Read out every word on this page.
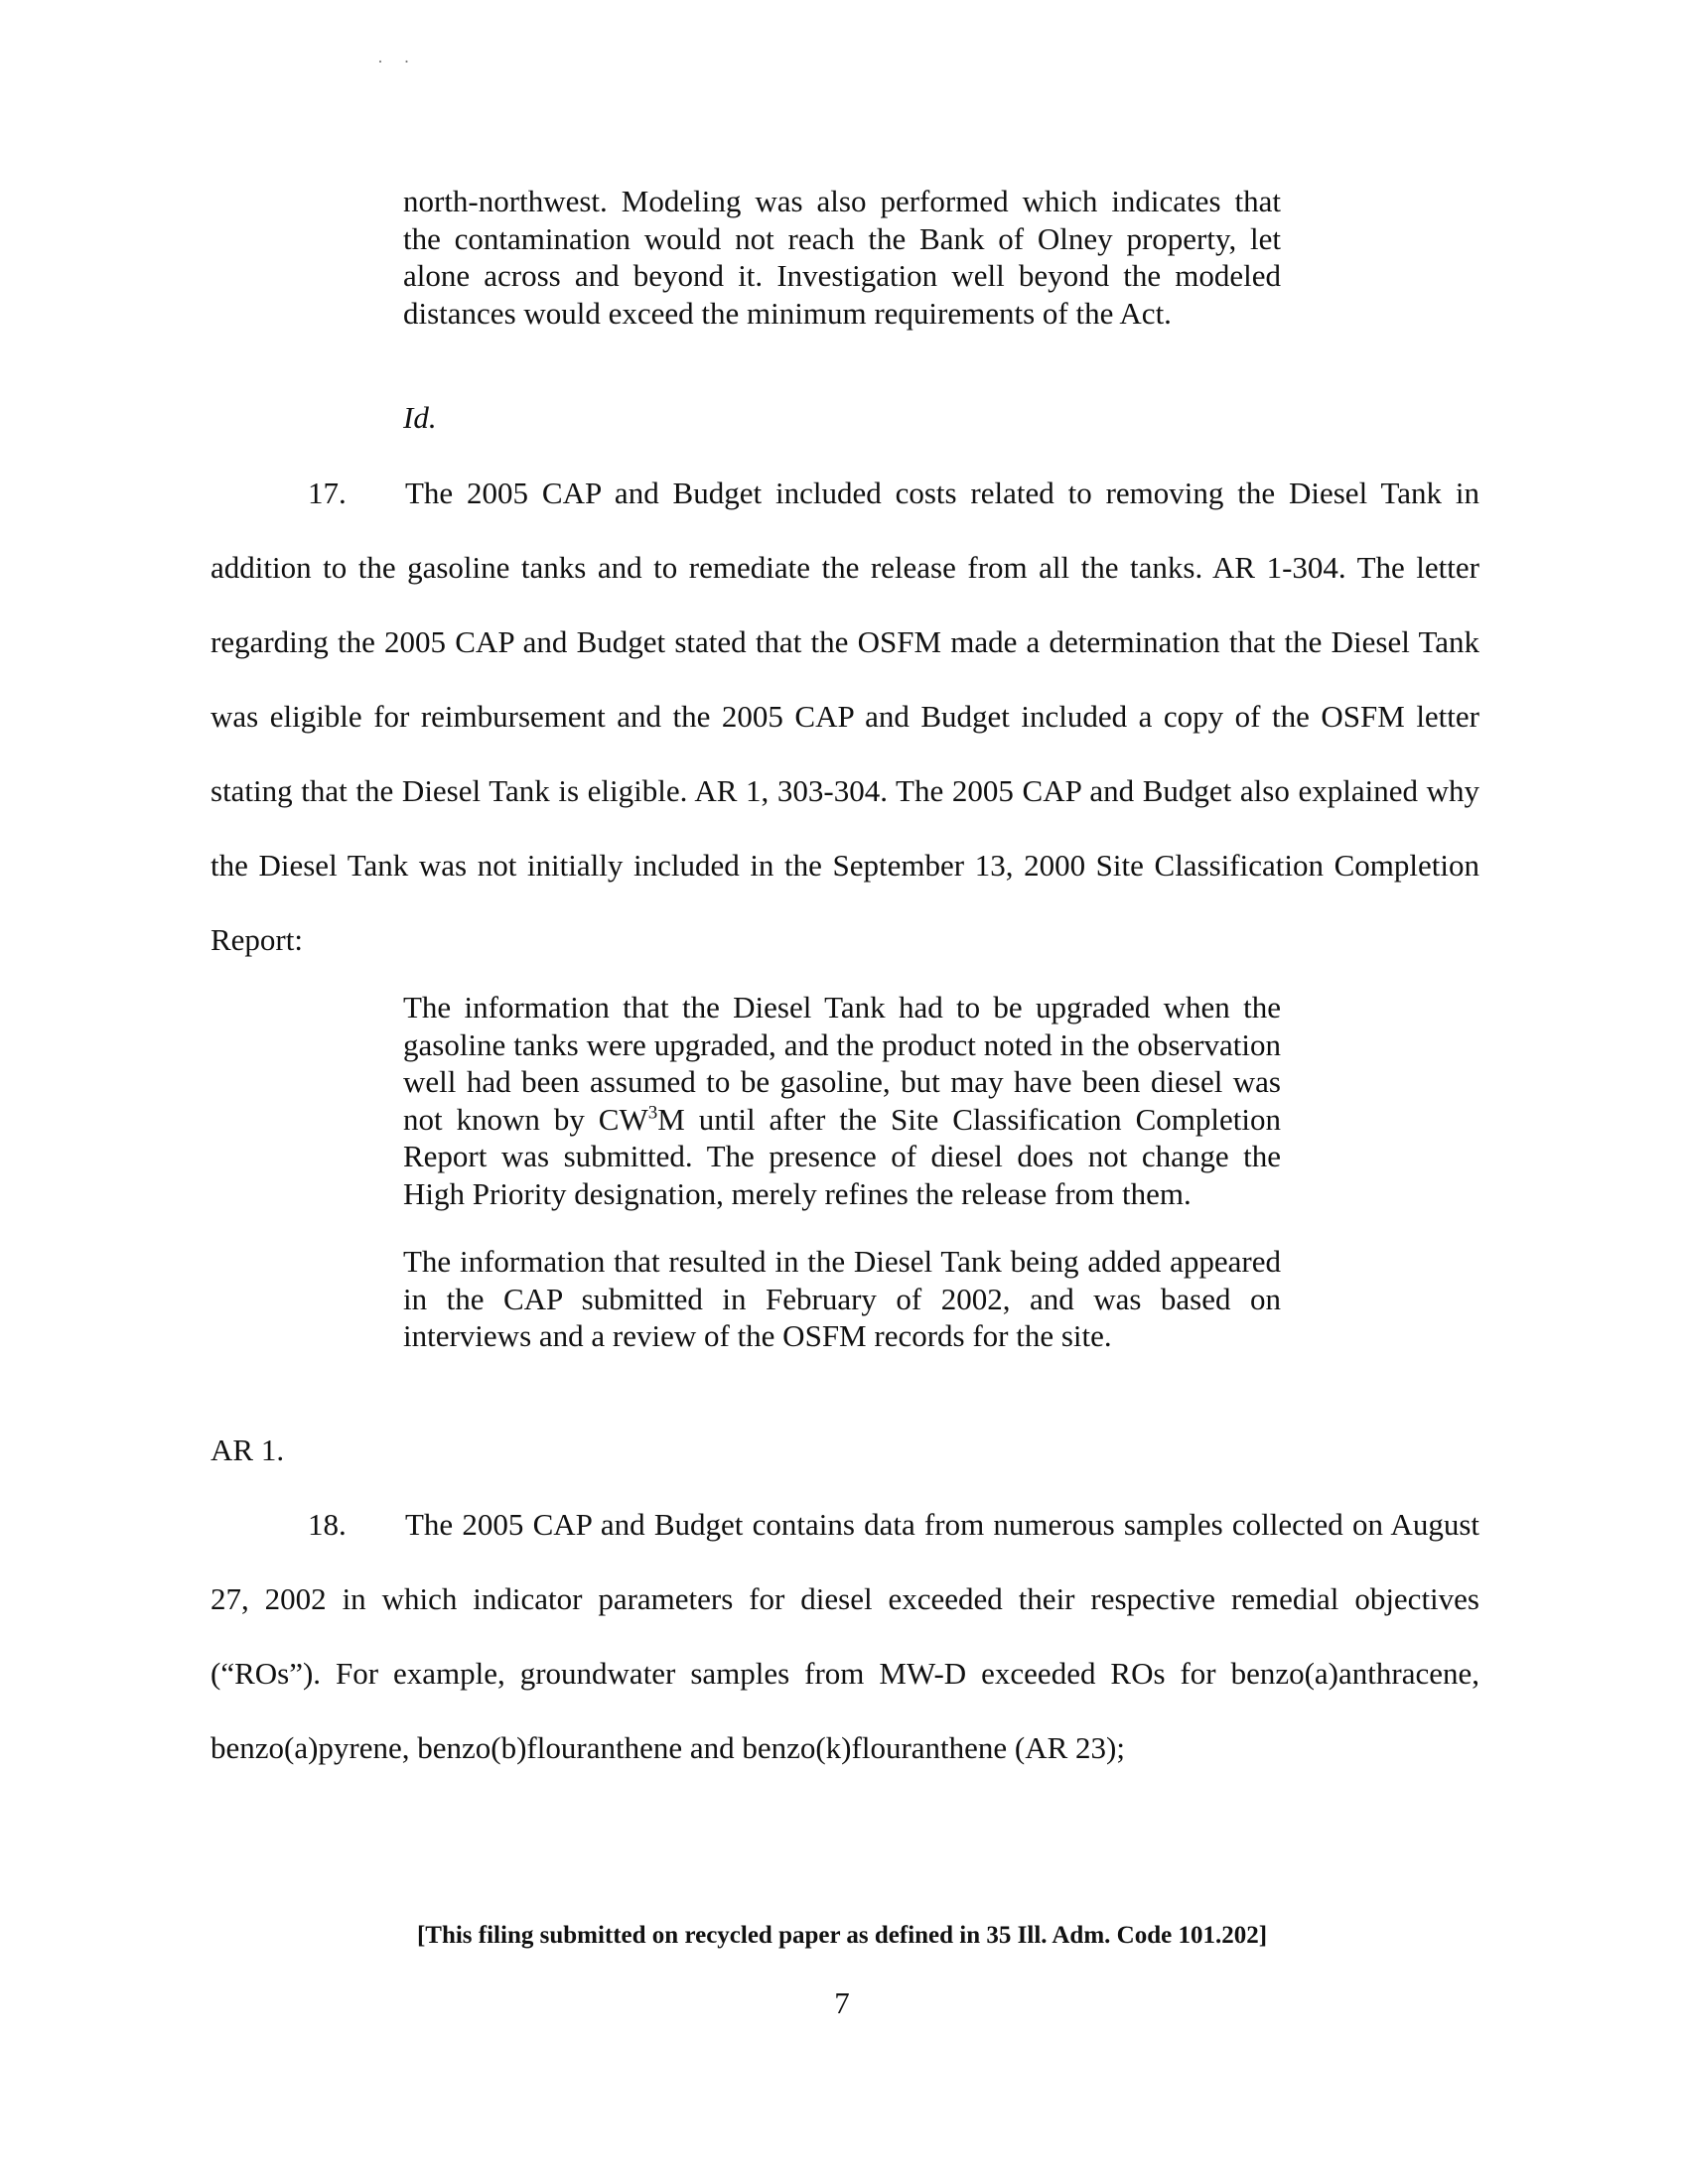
· ·

north-northwest. Modeling was also performed which indicates that the contamination would not reach the Bank of Olney property, let alone across and beyond it. Investigation well beyond the modeled distances would exceed the minimum requirements of the Act.

Id.

17. The 2005 CAP and Budget included costs related to removing the Diesel Tank in addition to the gasoline tanks and to remediate the release from all the tanks. AR 1-304. The letter regarding the 2005 CAP and Budget stated that the OSFM made a determination that the Diesel Tank was eligible for reimbursement and the 2005 CAP and Budget included a copy of the OSFM letter stating that the Diesel Tank is eligible. AR 1, 303-304. The 2005 CAP and Budget also explained why the Diesel Tank was not initially included in the September 13, 2000 Site Classification Completion Report:

The information that the Diesel Tank had to be upgraded when the gasoline tanks were upgraded, and the product noted in the observation well had been assumed to be gasoline, but may have been diesel was not known by $CW^3M$ until after the Site Classification Completion Report was submitted. The presence of diesel does not change the High Priority designation, merely refines the release from them.

The information that resulted in the Diesel Tank being added appeared in the CAP submitted in February of 2002, and was based on interviews and a review of the OSFM records for the site.

AR 1.

18. The 2005 CAP and Budget contains data from numerous samples collected on August 27, 2002 in which indicator parameters for diesel exceeded their respective remedial objectives (“ROs”). For example, groundwater samples from MW-D exceeded ROs for benzo(a)anthracene, benzo(a)pyrene, benzo(b)flouranthene and benzo(k)flouranthene (AR 23);

[This filing submitted on recycled paper as defined in 35 Ill. Adm. Code 101.202]

7
